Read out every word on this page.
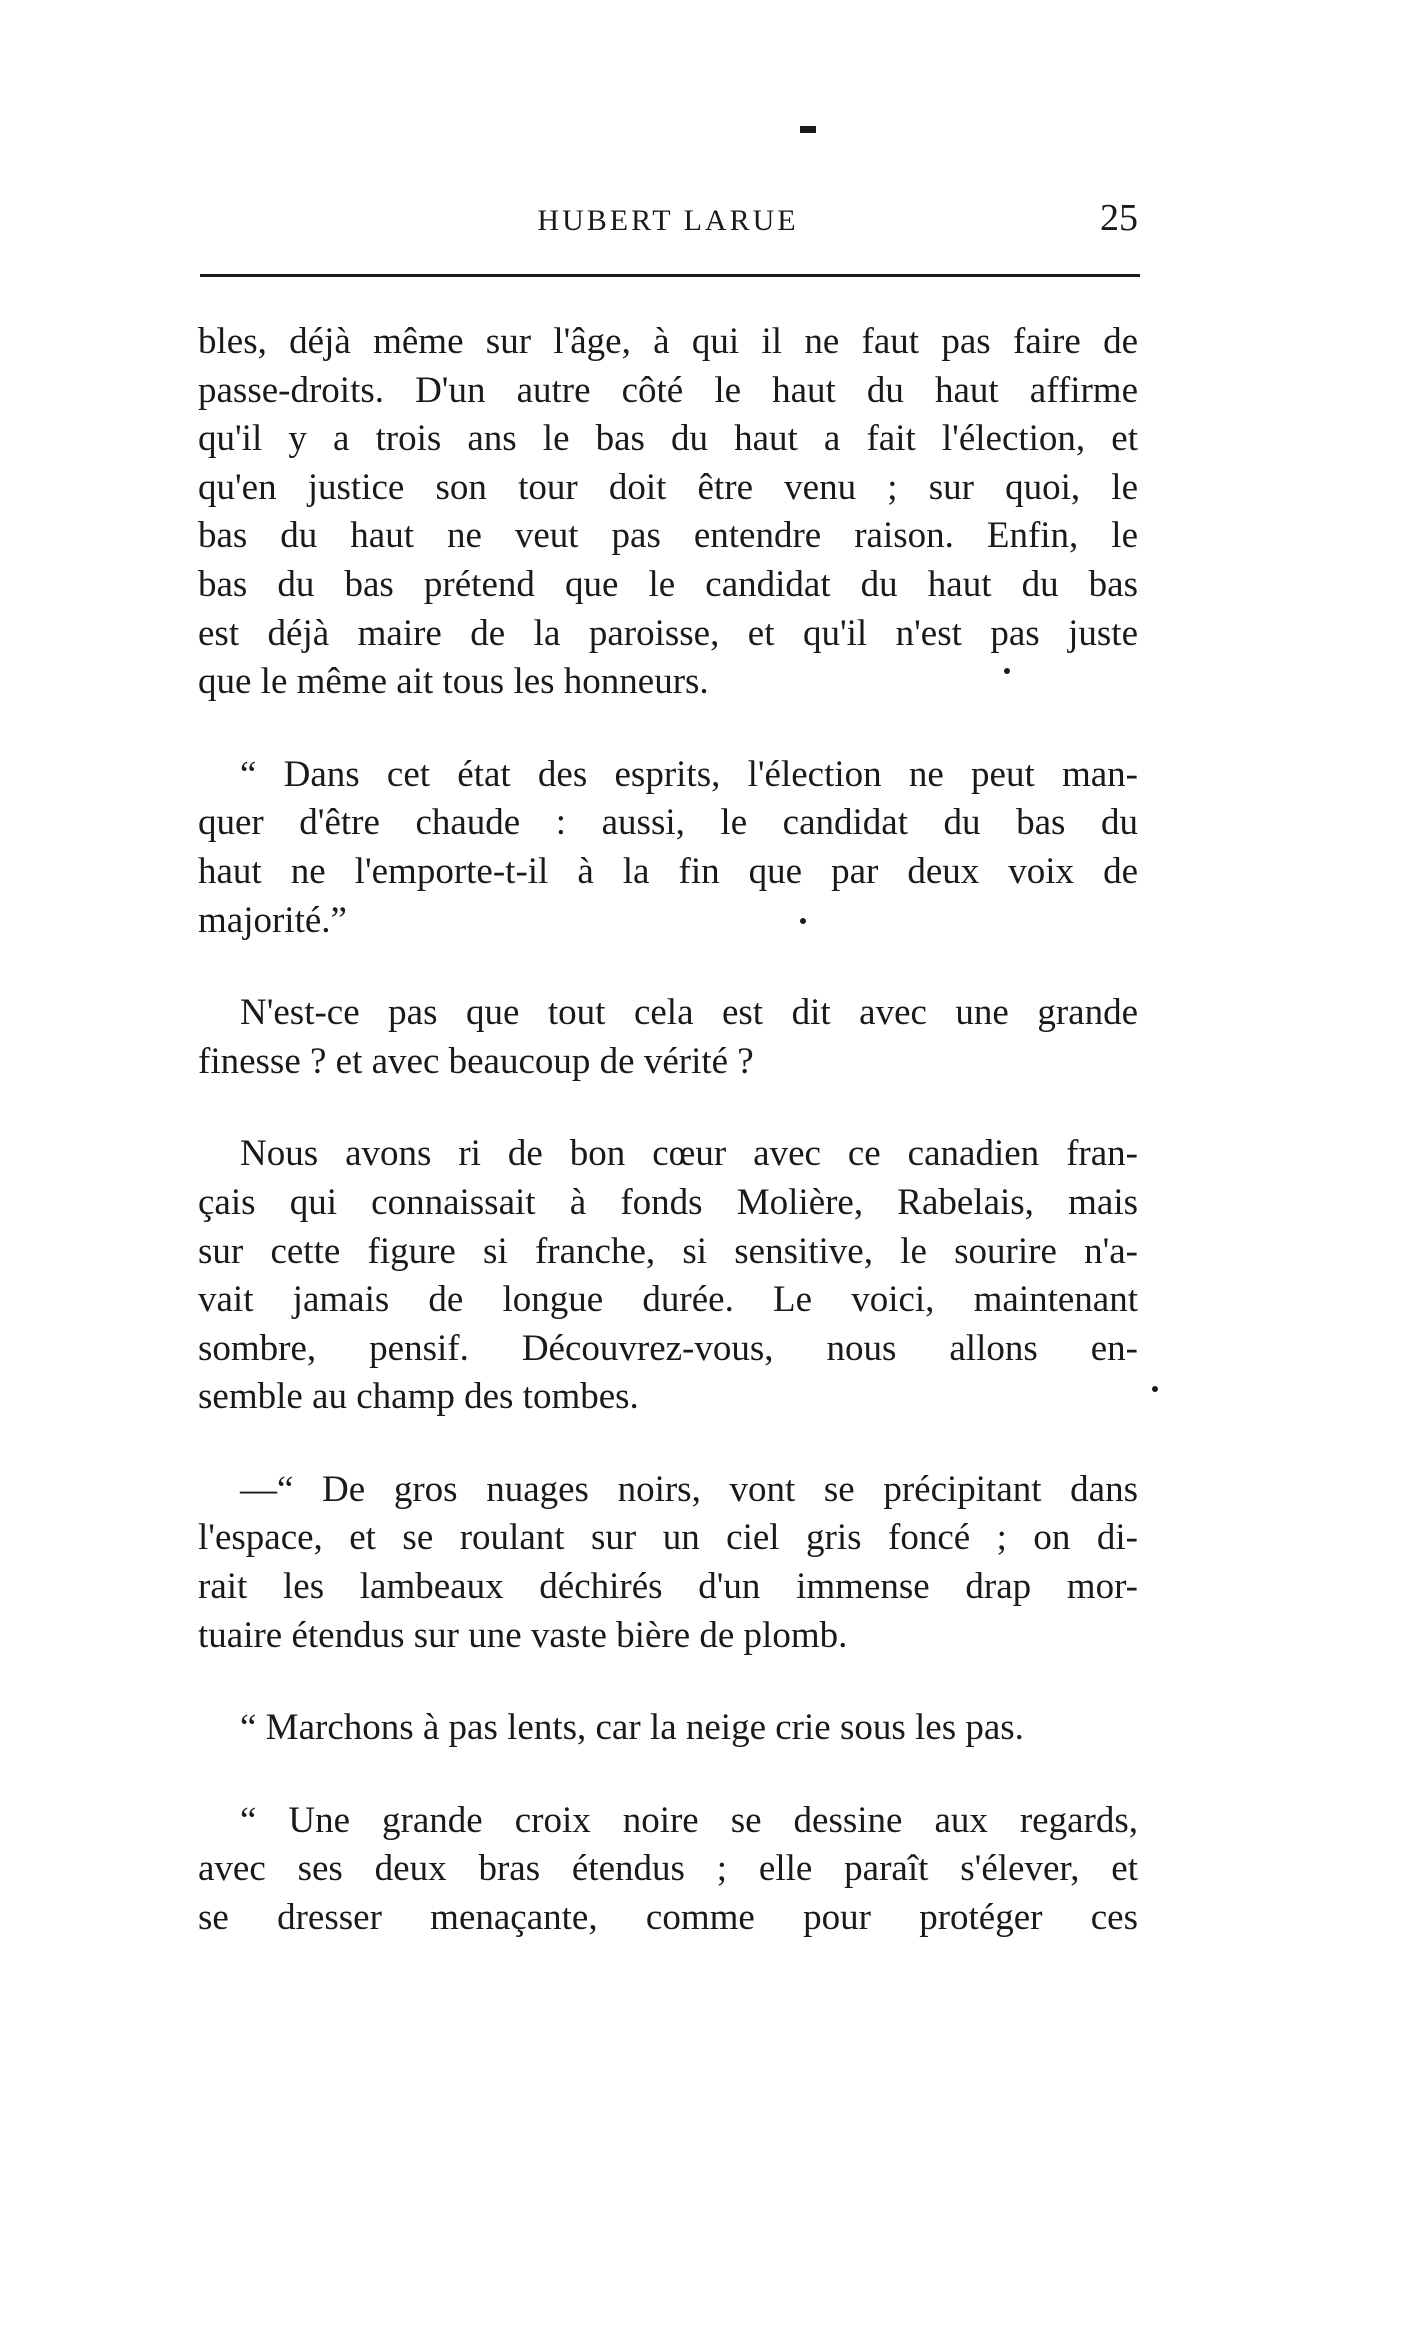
HUBERT LARUE	25
bles, déjà même sur l'âge, à qui il ne faut pas faire de
passe-droits. D'un autre côté le haut du haut affirme
qu'il y a trois ans le bas du haut a fait l'élection, et
qu'en justice son tour doit être venu ; sur quoi, le
bas du haut ne veut pas entendre raison. Enfin, le
bas du bas prétend que le candidat du haut du bas
est déjà maire de la paroisse, et qu'il n'est pas juste
que le même ait tous les honneurs.
“ Dans cet état des esprits, l'élection ne peut man-
quer d'être chaude : aussi, le candidat du bas du
haut ne l'emporte-t-il à la fin que par deux voix de
majorité.”
N'est-ce pas que tout cela est dit avec une grande
finesse ? et avec beaucoup de vérité ?
Nous avons ri de bon cœur avec ce canadien fran-
çais qui connaissait à fonds Molière, Rabelais, mais
sur cette figure si franche, si sensitive, le sourire n'a-
vait jamais de longue durée. Le voici, maintenant
sombre, pensif. Découvrez-vous, nous allons en-
semble au champ des tombes.
—“ De gros nuages noirs, vont se précipitant dans
l'espace, et se roulant sur un ciel gris foncé ; on di-
rait les lambeaux déchirés d'un immense drap mor-
tuaire étendus sur une vaste bière de plomb.
“ Marchons à pas lents, car la neige crie sous les pas.
“ Une grande croix noire se dessine aux regards,
avec ses deux bras étendus ; elle paraît s'élever, et
se dresser menaçante, comme pour protéger ces
